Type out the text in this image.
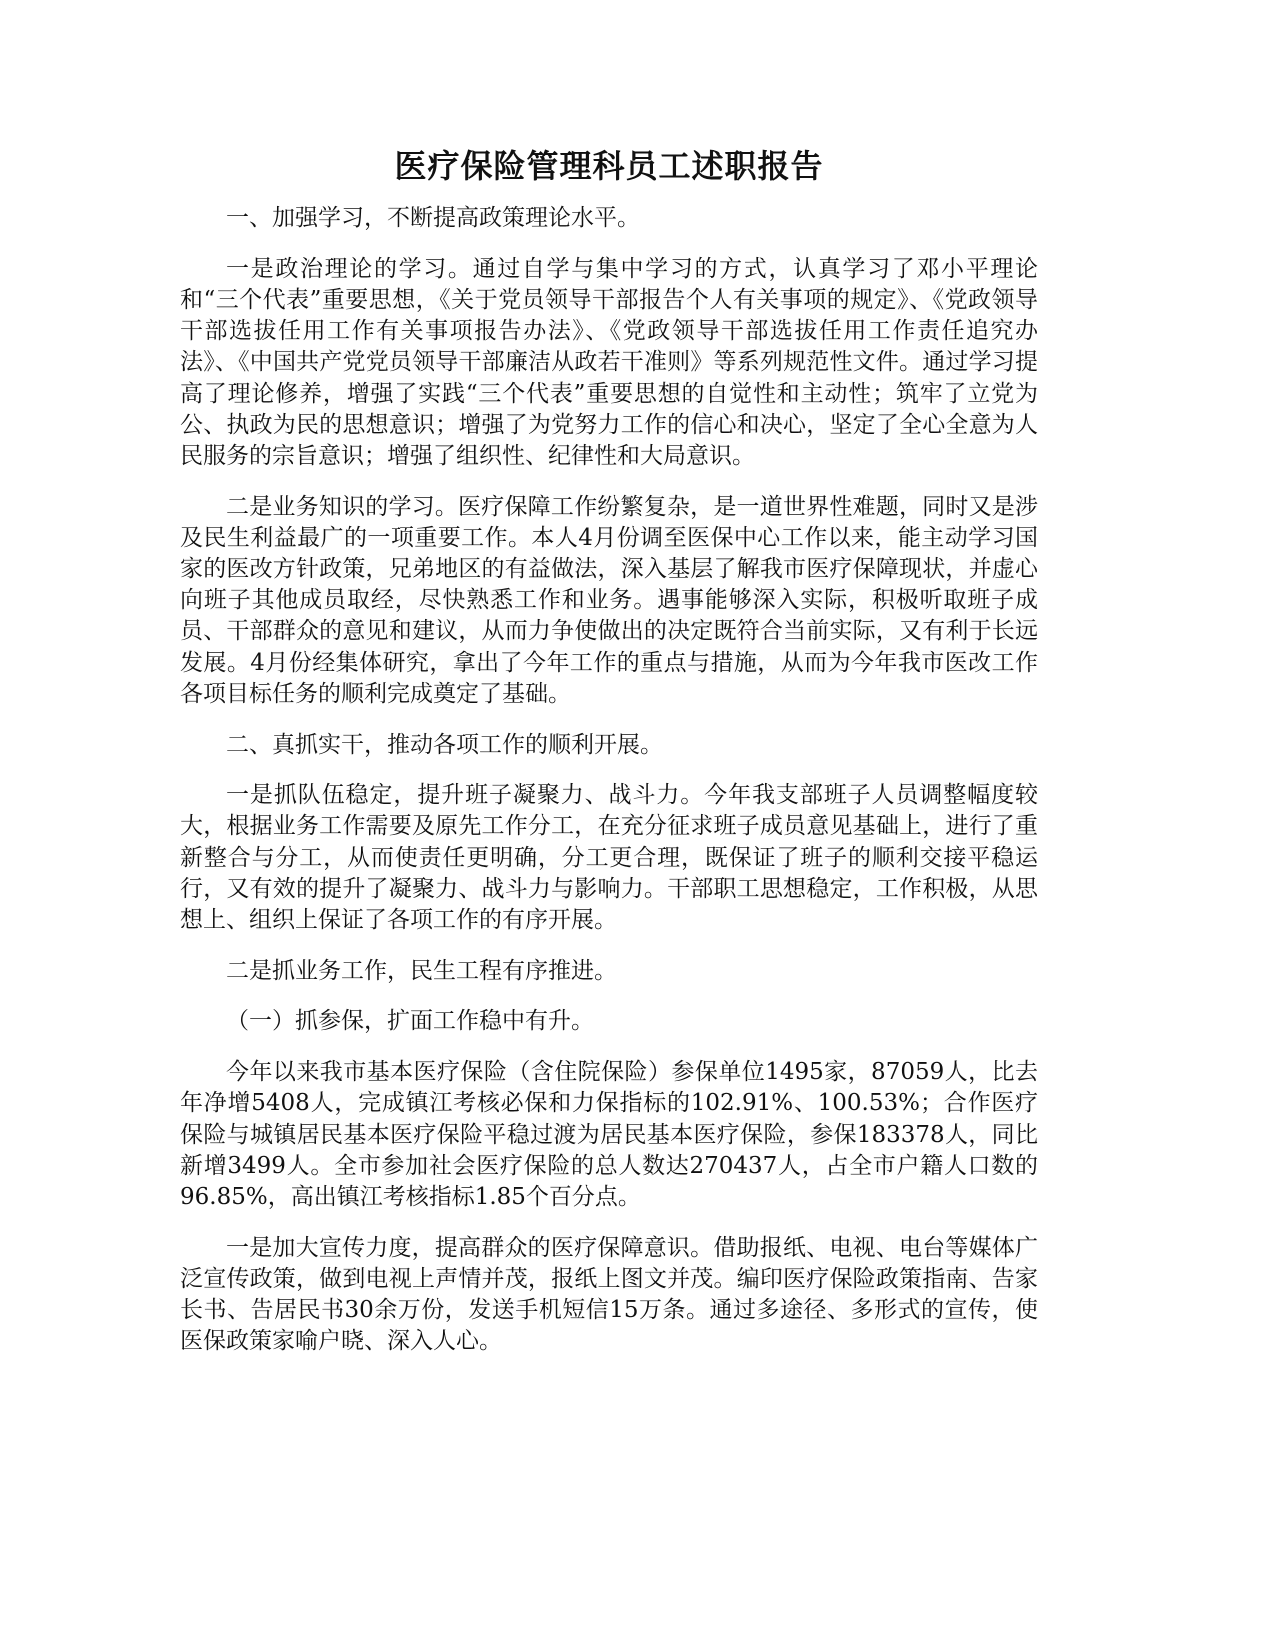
医疗保险管理科员工述职报告

一、加强学习，不断提高政策理论水平。

一是政治理论的学习。通过自学与集中学习的方式，认真学习了邓小平理论和“三个代表”重要思想，《关于党员领导干部报告个人有关事项的规定》、《党政领导干部选拔任用工作有关事项报告办法》、《党政领导干部选拔任用工作责任追究办法》、《中国共产党党员领导干部廉洁从政若干准则》等系列规范性文件。通过学习提高了理论修养，增强了实践“三个代表”重要思想的自觉性和主动性；筑牢了立党为公、执政为民的思想意识；增强了为党努力工作的信心和决心，坚定了全心全意为人民服务的宗旨意识；增强了组织性、纪律性和大局意识。

二是业务知识的学习。医疗保障工作纷繁复杂，是一道世界性难题，同时又是涉及民生利益最广的一项重要工作。本人4月份调至医保中心工作以来，能主动学习国家的医改方针政策，兄弟地区的有益做法，深入基层了解我市医疗保障现状，并虚心向班子其他成员取经，尽快熟悉工作和业务。遇事能够深入实际，积极听取班子成员、干部群众的意见和建议，从而力争使做出的决定既符合当前实际，又有利于长远发展。4月份经集体研究，拿出了今年工作的重点与措施，从而为今年我市医改工作各项目标任务的顺利完成奠定了基础。

二、真抓实干，推动各项工作的顺利开展。

一是抓队伍稳定，提升班子凝聚力、战斗力。今年我支部班子人员调整幅度较大，根据业务工作需要及原先工作分工，在充分征求班子成员意见基础上，进行了重新整合与分工，从而使责任更明确，分工更合理，既保证了班子的顺利交接平稳运行，又有效的提升了凝聚力、战斗力与影响力。干部职工思想稳定，工作积极，从思想上、组织上保证了各项工作的有序开展。

二是抓业务工作，民生工程有序推进。

（一）抓参保，扩面工作稳中有升。

今年以来我市基本医疗保险（含住院保险）参保单位1495家，87059人，比去年净增5408人，完成镇江考核必保和力保指标的102.91%、100.53%；合作医疗保险与城镇居民基本医疗保险平稳过渡为居民基本医疗保险，参保183378人，同比新增3499人。全市参加社会医疗保险的总人数达270437人，占全市户籍人口数的96.85%，高出镇江考核指标1.85个百分点。

一是加大宣传力度，提高群众的医疗保障意识。借助报纸、电视、电台等媒体广泛宣传政策，做到电视上声情并茂，报纸上图文并茂。编印医疗保险政策指南、告家长书、告居民书30余万份，发送手机短信15万条。通过多途径、多形式的宣传，使医保政策家喻户晓、深入人心。
